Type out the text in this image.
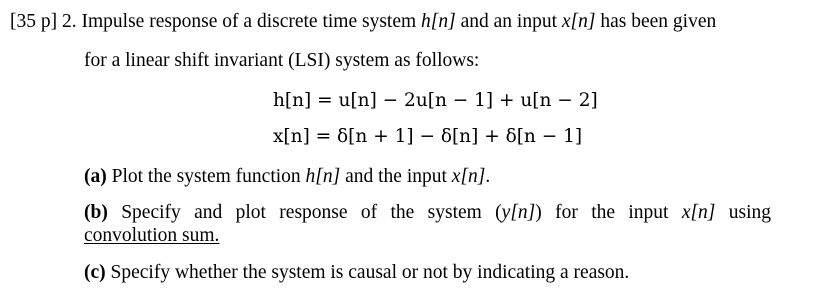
[35 p] 2. Impulse response of a discrete time system h[n] and an input x[n] has been given
for a linear shift invariant (LSI) system as follows:
h[n] = u[n] − 2u[n − 1] + u[n − 2]
x[n] = δ[n + 1] − δ[n] + δ[n − 1]
(a) Plot the system function h[n] and the input x[n].
(b) Specify and plot response of the system (y[n]) for the input x[n] using
convolution sum.
(c) Specify whether the system is causal or not by indicating a reason.
